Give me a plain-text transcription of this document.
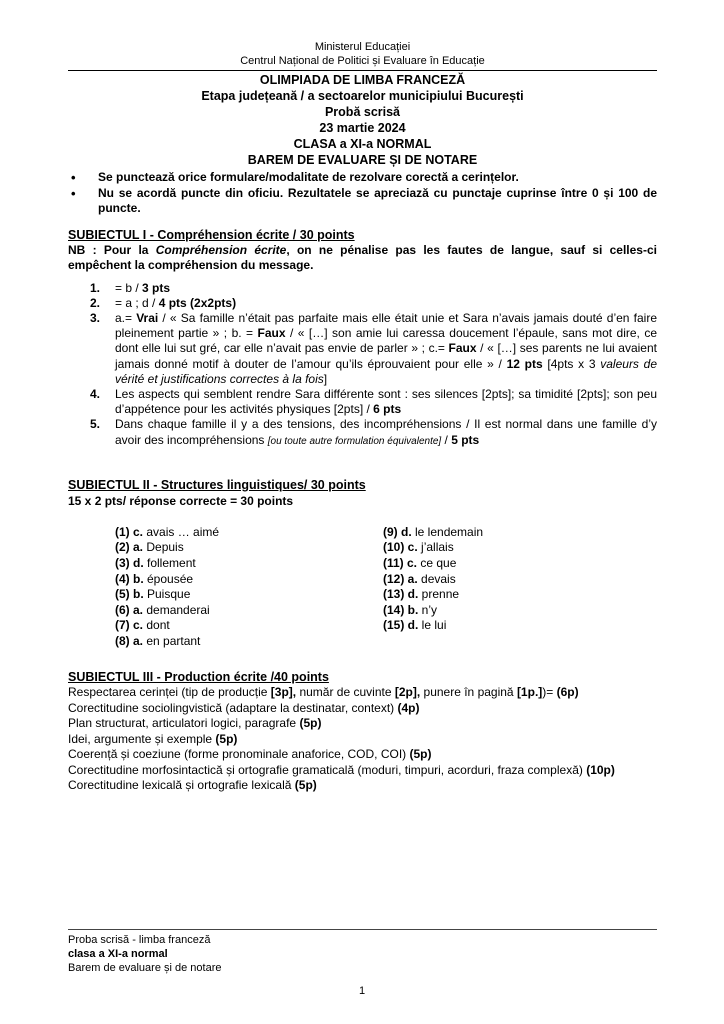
Ministerul Educației
Centrul Național de Politici și Evaluare în Educație
OLIMPIADA DE LIMBA FRANCEZĂ
Etapa județeană / a sectoarelor municipiului București
Probă scrisă
23 martie 2024
CLASA a XI-a NORMAL
BAREM DE EVALUARE ȘI DE NOTARE
•	Se punctează orice formulare/modalitate de rezolvare corectă a cerințelor.
•	Nu se acordă puncte din oficiu. Rezultatele se apreciază cu punctaje cuprinse între 0 și 100 de puncte.
SUBIECTUL I - Compréhension écrite / 30 points

NB : Pour la Compréhension écrite, on ne pénalise pas les fautes de langue, sauf si celles-ci empêchent la compréhension du message.

1.	= b / 3 pts
2.	= a ; d / 4 pts (2x2pts)
3.	a.= Vrai / « Sa famille n’était pas parfaite mais elle était unie et Sara n’avais jamais douté d’en faire pleinement partie » ; b. = Faux / « […] son amie lui caressa doucement l’épaule, sans mot dire, ce dont elle lui sut gré, car elle n’avait pas envie de parler » ; c.= Faux / « […] ses parents ne lui avaient jamais donné motif à douter de l’amour qu’ils éprouvaient pour elle » / 12 pts [4pts x 3 valeurs de vérité et justifications correctes à la fois]
4.	Les aspects qui semblent rendre Sara différente sont : ses silences [2pts]; sa timidité [2pts]; son peu d’appétence pour les activités physiques [2pts] / 6 pts
5.	Dans chaque famille il y a des tensions, des incompréhensions / Il est normal dans une famille d’y avoir des incompréhensions [ou toute autre formulation équivalente] / 5 pts
SUBIECTUL II - Structures linguistiques/ 30 points
15 x 2 pts/ réponse correcte = 30 points
(1) c. avais … aimé
(2) a. Depuis
(3) d. follement
(4) b. épousée
(5) b. Puisque
(6) a. demanderai
(7) c. dont
(8) a. en partant
(9) d. le lendemain
(10) c. j’allais
(11) c. ce que
(12) a. devais
(13) d. prenne
(14) b. n’y
(15) d. le lui
SUBIECTUL III - Production écrite /40 points
Respectarea cerinței (tip de producție [3p], număr de cuvinte [2p], punere în pagină [1p.])= (6p)
Corectitudine sociolingvistică (adaptare la destinatar, context) (4p)
Plan structurat, articulatori logici, paragrafe (5p)
Idei, argumente și exemple (5p)
Coerență și coeziune (forme pronominale anaforice, COD, COI) (5p)
Corectitudine morfosintactică și ortografie gramaticală (moduri, timpuri, acorduri, fraza complexă) (10p)
Corectitudine lexicală și ortografie lexicală (5p)
Proba scrisă - limba franceză
clasa a XI-a normal
Barem de evaluare și de notare
1
